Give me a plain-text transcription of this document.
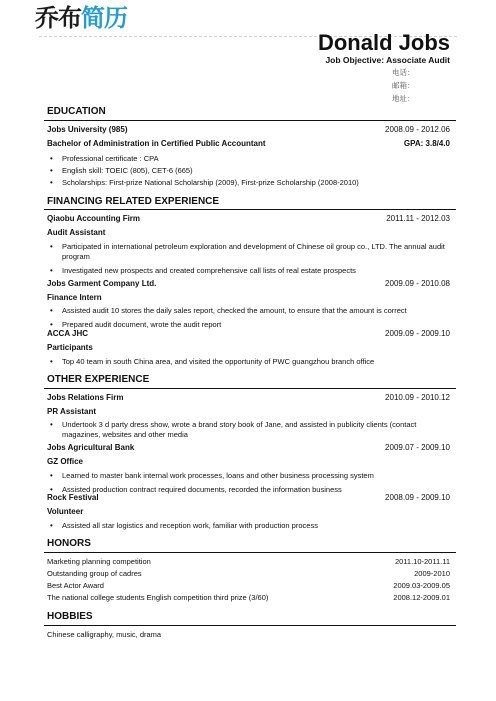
乔布 简历
Donald Jobs
Job Objective: Associate Audit
电话：
邮箱：
地址：
EDUCATION
Jobs University (985)	2008.09 - 2012.06
Bachelor of Administration in Certified Public Accountant	GPA: 3.8/4.0
• Professional certificate : CPA
• English skill: TOEIC (805), CET-6 (665)
• Scholarships: First-prize National Scholarship (2009), First-prize Scholarship (2008-2010)
FINANCING RELATED EXPERIENCE
Qiaobu Accounting Firm	2011.11 - 2012.03
Audit Assistant
• Participated in international petroleum exploration and development of Chinese oil group co., LTD. The annual audit program
• Investigated new prospects and created comprehensive call lists of real estate prospects
Jobs Garment Company Ltd.	2009.09 - 2010.08
Finance Intern
• Assisted audit 10 stores the daily sales report, checked the amount, to ensure that the amount is correct
• Prepared audit document, wrote the audit report
ACCA JHC	2009.09 - 2009.10
Participants
• Top 40 team in south China area, and visited the opportunity of PWC guangzhou branch office
OTHER EXPERIENCE
Jobs Relations Firm	2010.09 - 2010.12
PR Assistant
• Undertook 3 d party dress show, wrote a brand story book of Jane, and assisted in publicity clients (contact magazines, websites and other media
Jobs Agricultural Bank	2009.07 - 2009.10
GZ Office
• Learned to master bank internal work processes, loans and other business processing system
• Assisted production contract required documents, recorded the information business
Rock Festival	2008.09 - 2009.10
Volunteer
• Assisted all star logistics and reception work, familiar with production process
HONORS
Marketing planning competition	2011.10-2011.11
Outstanding group of cadres	2009-2010
Best Actor Award	2009.03-2009.05
The national college students English competition third prize (3/60)	2008.12-2009.01
HOBBIES
Chinese calligraphy, music, drama
